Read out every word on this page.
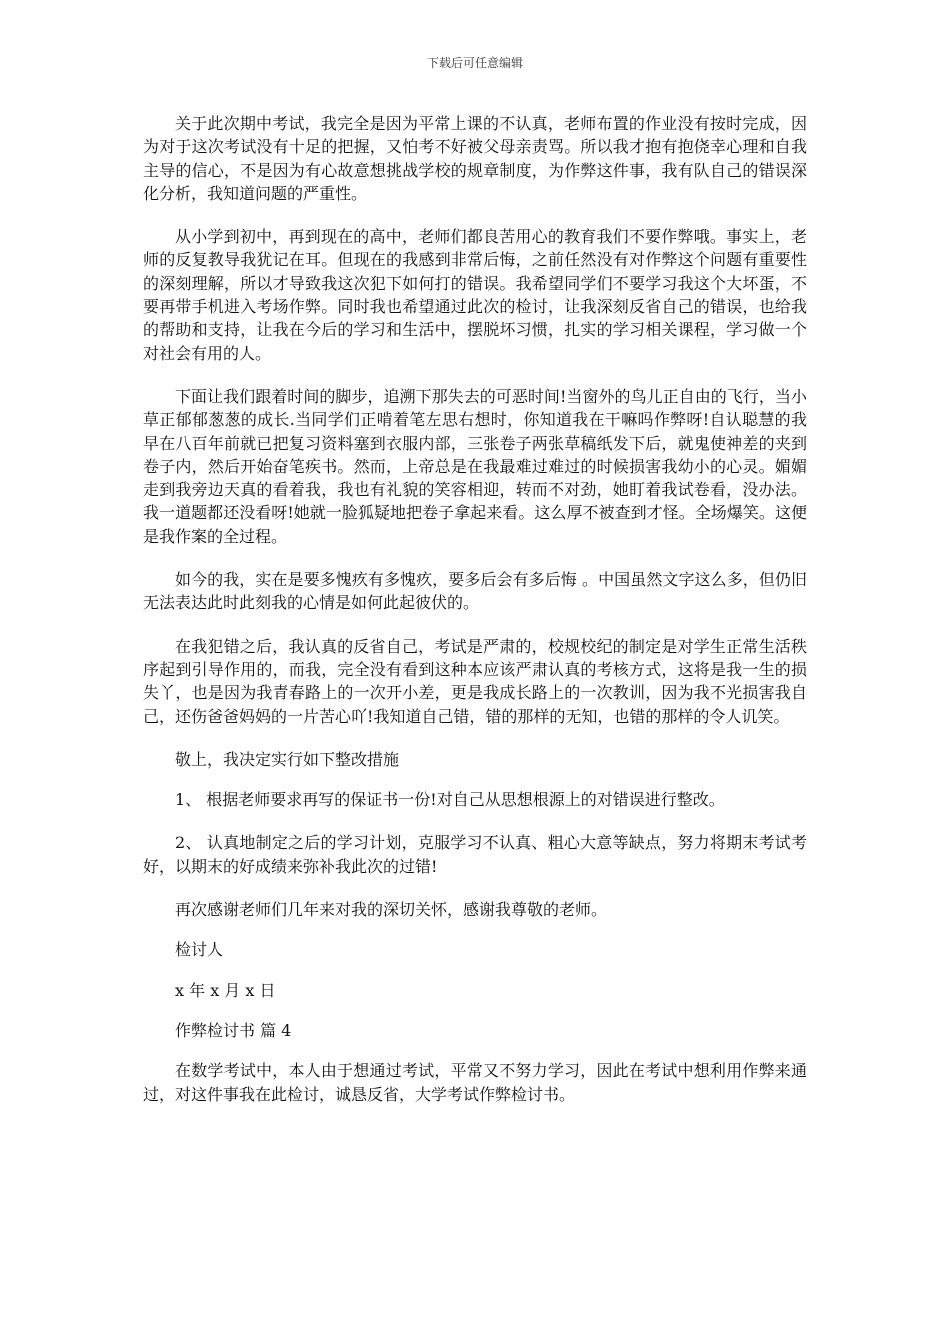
下载后可任意编辑

关于此次期中考试，我完全是因为平常上课的不认真，老师布置的作业没有按时完成，因为对于这次考试没有十足的把握，又怕考不好被父母亲责骂。所以我才抱有抱侥幸心理和自我主导的信心，不是因为有心故意想挑战学校的规章制度，为作弊这件事，我有队自己的错误深化分析，我知道问题的严重性。

从小学到初中，再到现在的高中，老师们都良苦用心的教育我们不要作弊哦。事实上，老师的反复教导我犹记在耳。但现在的我感到非常后悔，之前任然没有对作弊这个问题有重要性的深刻理解，所以才导致我这次犯下如何打的错误。我希望同学们不要学习我这个大坏蛋，不要再带手机进入考场作弊。同时我也希望通过此次的检讨，让我深刻反省自己的错误，也给我的帮助和支持，让我在今后的学习和生活中，摆脱坏习惯，扎实的学习相关课程，学习做一个对社会有用的人。

下面让我们跟着时间的脚步，追溯下那失去的可恶时间!当窗外的鸟儿正自由的飞行，当小草正郁郁葱葱的成长.当同学们正啃着笔左思右想时，你知道我在干嘛吗作弊呀!自认聪慧的我早在八百年前就已把复习资料塞到衣服内部，三张卷子两张草稿纸发下后，就鬼使神差的夹到卷子内，然后开始奋笔疾书。然而，上帝总是在我最难过难过的时候损害我幼小的心灵。媚媚走到我旁边天真的看着我，我也有礼貌的笑容相迎，转而不对劲，她盯着我试卷看，没办法。我一道题都还没看呀!她就一脸狐疑地把卷子拿起来看。这么厚不被查到才怪。全场爆笑。这便是我作案的全过程。

如今的我，实在是要多愧疚有多愧疚，要多后会有多后悔 。中国虽然文字这么多，但仍旧无法表达此时此刻我的心情是如何此起彼伏的。

在我犯错之后，我认真的反省自己，考试是严肃的，校规校纪的制定是对学生正常生活秩序起到引导作用的，而我，完全没有看到这种本应该严肃认真的考核方式，这将是我一生的损失丫，也是因为我青春路上的一次开小差，更是我成长路上的一次教训，因为我不光损害我自己，还伤爸爸妈妈的一片苦心吖!我知道自己错，错的那样的无知，也错的那样的令人讥笑。

敬上，我决定实行如下整改措施

1、 根据老师要求再写的保证书一份!对自己从思想根源上的对错误进行整改。

2、 认真地制定之后的学习计划，克服学习不认真、粗心大意等缺点，努力将期末考试考好，以期末的好成绩来弥补我此次的过错!

再次感谢老师们几年来对我的深切关怀，感谢我尊敬的老师。

检讨人

x 年 x 月 x 日

作弊检讨书 篇 4

在数学考试中，本人由于想通过考试，平常又不努力学习，因此在考试中想利用作弊来通过，对这件事我在此检讨，诚恳反省，大学考试作弊检讨书。
